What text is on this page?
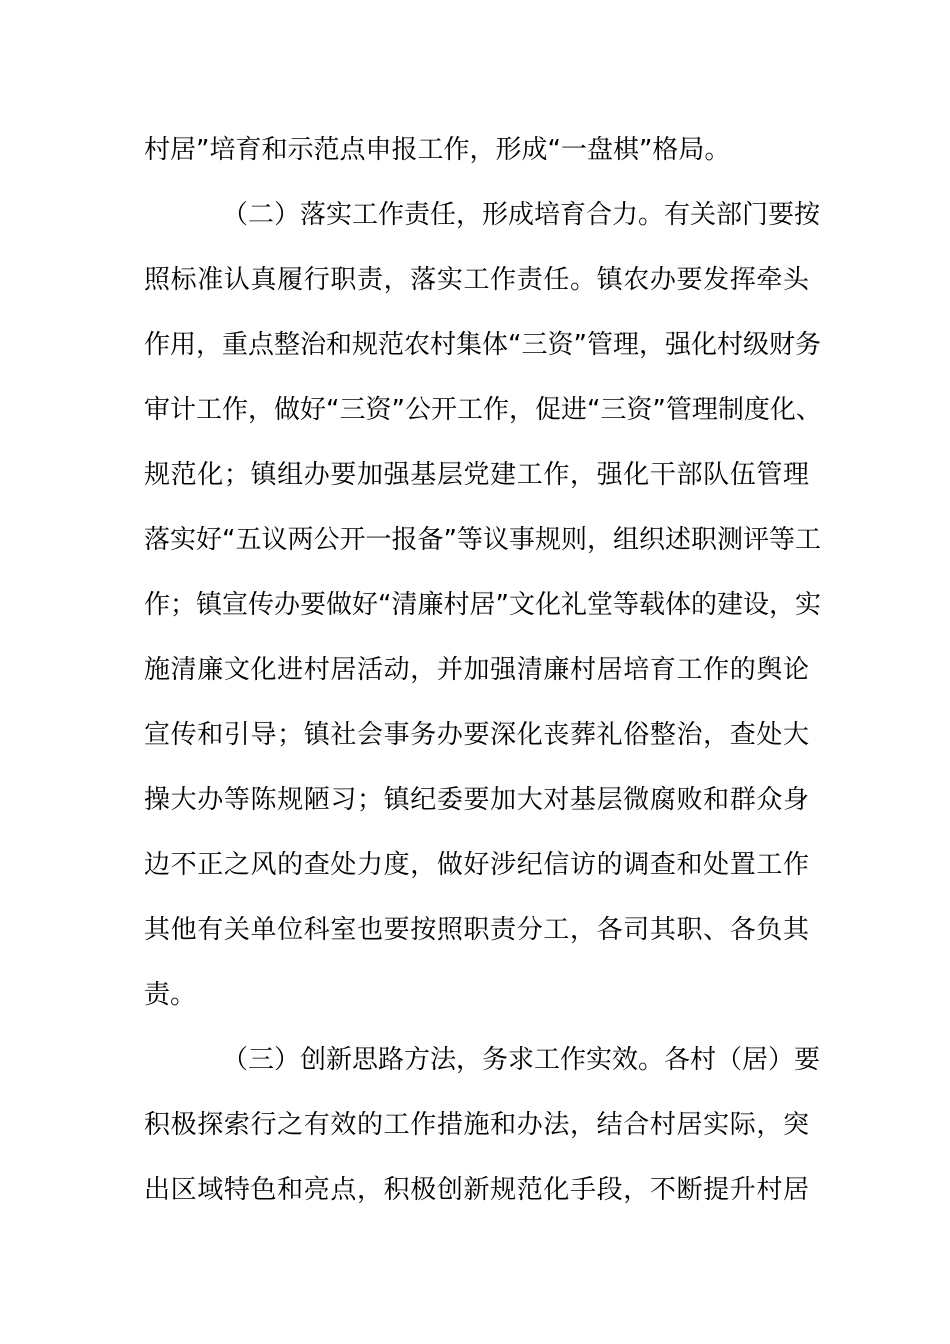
村居”培育和示范点申报工作，形成“一盘棋”格局。
（二）落实工作责任，形成培育合力。有关部门要按
照标准认真履行职责，落实工作责任。镇农办要发挥牵头
作用，重点整治和规范农村集体“三资”管理，强化村级财务
审计工作，做好“三资”公开工作，促进“三资”管理制度化、
规范化；镇组办要加强基层党建工作，强化干部队伍管理
落实好“五议两公开一报备”等议事规则，组织述职测评等工
作；镇宣传办要做好“清廉村居”文化礼堂等载体的建设，实
施清廉文化进村居活动，并加强清廉村居培育工作的舆论
宣传和引导；镇社会事务办要深化丧葬礼俗整治，查处大
操大办等陈规陋习；镇纪委要加大对基层微腐败和群众身
边不正之风的查处力度，做好涉纪信访的调查和处置工作
其他有关单位科室也要按照职责分工，各司其职、各负其
责。
（三）创新思路方法，务求工作实效。各村（居）要
积极探索行之有效的工作措施和办法，结合村居实际，突
出区域特色和亮点，积极创新规范化手段，不断提升村居
